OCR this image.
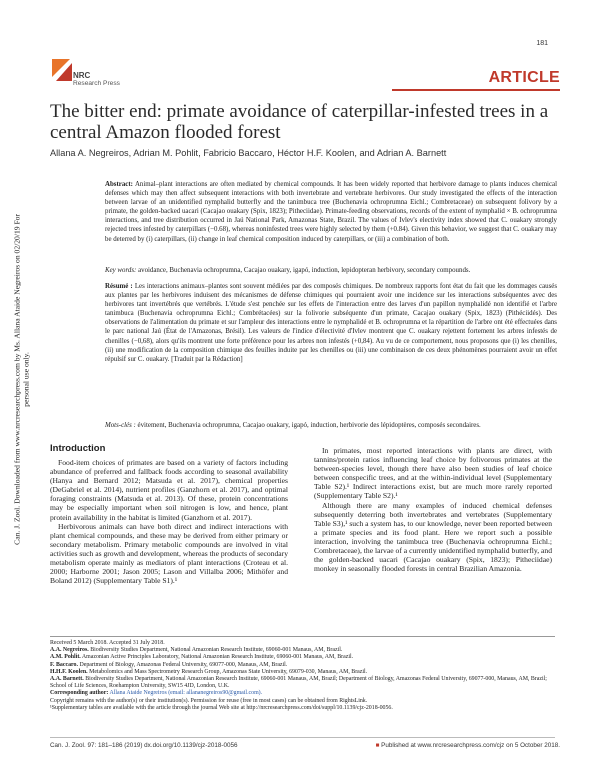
Can. J. Zool. Downloaded from www.nrcresearchpress.com by Ms. Allana Ataide Negreiros on 02/20/19 For personal use only.
181
NRC
Research Press	ARTICLE
The bitter end: primate avoidance of caterpillar-infested trees in a central Amazon flooded forest
Allana A. Negreiros, Adrian M. Pohlit, Fabricio Baccaro, Héctor H.F. Koolen, and Adrian A. Barnett
Abstract: Animal–plant interactions are often mediated by chemical compounds. It has been widely reported that herbivore damage to plants induces chemical defenses which may then affect subsequent interactions with both invertebrate and vertebrate herbivores. Our study investigated the effects of the interaction between larvae of an unidentified nymphalid butterfly and the tanimbuca tree (Buchenavia ochroprumna Eichl.; Combretaceae) on subsequent folivory by a primate, the golden-backed uacari (Cacajao ouakary (Spix, 1823); Pitheciidae). Primate-feeding observations, records of the extent of nymphalid × B. ochroprumna interactions, and tree distribution occurred in Jaú National Park, Amazonas State, Brazil. The values of Ivlev's electivity index showed that C. ouakary strongly rejected trees infested by caterpillars (−0.68), whereas noninfested trees were highly selected by them (+0.84). Given this behavior, we suggest that C. ouakary may be deterred by (i) caterpillars, (ii) change in leaf chemical composition induced by caterpillars, or (iii) a combination of both.
Key words: avoidance, Buchenavia ochroprumna, Cacajao ouakary, igapó, induction, lepidopteran herbivory, secondary compounds.
Résumé : Les interactions animaux–plantes sont souvent médiées par des composés chimiques. De nombreux rapports font état du fait que les dommages causés aux plantes par les herbivores induisent des mécanismes de défense chimiques qui pourraient avoir une incidence sur les interactions subséquentes avec des herbivores tant invertébrés que vertébrés. L'étude s'est penchée sur les effets de l'interaction entre des larves d'un papillon nymphalidé non identifié et l'arbre tanimbuca (Buchenavia ochroprumna Eichl.; Combrétacées) sur la folivorie subséquente d'un primate, Cacajao ouakary (Spix, 1823) (Pithéciidés). Des observations de l'alimentation du primate et sur l'ampleur des interactions entre le nymphalidé et B. ochroprumna et la répartition de l'arbre ont été effectuées dans le parc national Jaú (État de l'Amazonas, Brésil). Les valeurs de l'indice d'électivité d'Ivlev montrent que C. ouakary rejettent fortement les arbres infestés de chenilles (−0,68), alors qu'ils montrent une forte préférence pour les arbres non infestés (+0,84). Au vu de ce comportement, nous proposons que (i) les chenilles, (ii) une modification de la composition chimique des feuilles induite par les chenilles ou (iii) une combinaison de ces deux phénomènes pourraient avoir un effet répulsif sur C. ouakary. [Traduit par la Rédaction]
Mots-clés : évitement, Buchenavia ochroprumna, Cacajao ouakary, igapó, induction, herbivorie des lépidoptères, composés secondaires.
Introduction

Food-item choices of primates are based on a variety of factors including abundance of preferred and fallback foods according to seasonal availability (Hanya and Bernard 2012; Matsuda et al. 2017), chemical properties (DeGabriel et al. 2014), nutrient profiles (Ganzhorn et al. 2017), and optimal foraging constraints (Matsuda et al. 2013). Of these, protein concentrations may be especially important when soil nitrogen is low, and hence, plant protein availability in the habitat is limited (Ganzhorn et al. 2017).

Herbivorous animals can have both direct and indirect interactions with plant chemical compounds, and these may be derived from either primary or secondary metabolism. Primary metabolic compounds are involved in vital activities such as growth and development, whereas the products of secondary metabolism operate mainly as mediators of plant interactions (Croteau et al. 2000; Harborne 2001; Jason 2005; Lason and Villalba 2006; Mithöfer and Boland 2012) (Supplementary Table S1).¹

In primates, most reported interactions with plants are direct, with tannins/protein ratios influencing leaf choice by folivorous primates at the between-species level, though there have also been studies of leaf choice between conspecific trees, and at the within-individual level (Supplementary Table S2).¹ Indirect interactions exist, but are much more rarely reported (Supplementary Table S2).¹

Although there are many examples of induced chemical defenses subsequently deterring both invertebrates and vertebrates (Supplementary Table S3),¹ such a system has, to our knowledge, never been reported between a primate species and its food plant. Here we report such a possible interaction, involving the tanimbuca tree (Buchenavia ochroprumna Eichl.; Combretaceae), the larvae of a currently unidentified nymphalid butterfly, and the golden-backed uacari (Cacajao ouakary (Spix, 1823); Pitheciidae) monkey in seasonally flooded forests in central Brazilian Amazonia.

Received 5 March 2018. Accepted 31 July 2018.
A.A. Negreiros. Biodiversity Studies Department, National Amazonian Research Institute, 69060-001 Manaus, AM, Brazil.
A.M. Pohlit. Amazonian Active Principles Laboratory, National Amazonian Research Institute, 69060-001 Manaus, AM, Brazil.
F. Baccaro. Department of Biology, Amazonas Federal University, 69077-000, Manaus, AM, Brazil.
H.H.F. Koolen. Metabolomics and Mass Spectrometry Research Group, Amazonas State University, 69079-030, Manaus, AM, Brazil.
A.A. Barnett. Biodiversity Studies Department, National Amazonian Research Institute, 69060-001 Manaus, AM, Brazil; Department of Biology, Amazonas Federal University, 69077-000, Manaus, AM, Brazil; School of Life Sciences, Roehampton University, SW15 4JD, London, U.K.
Corresponding author: Allana Ataide Negreiros (email: allananegreiros90@gmail.com).
Copyright remains with the author(s) or their institution(s). Permission for reuse (free in most cases) can be obtained from RightsLink.
¹Supplementary tables are available with the article through the journal Web site at http://nrcresearchpress.com/doi/suppl/10.1139/cjz-2018-0056.
Can. J. Zool. 97: 181–186 (2019) dx.doi.org/10.1139/cjz-2018-0056	■ Published at www.nrcresearchpress.com/cjz on 5 October 2018.
